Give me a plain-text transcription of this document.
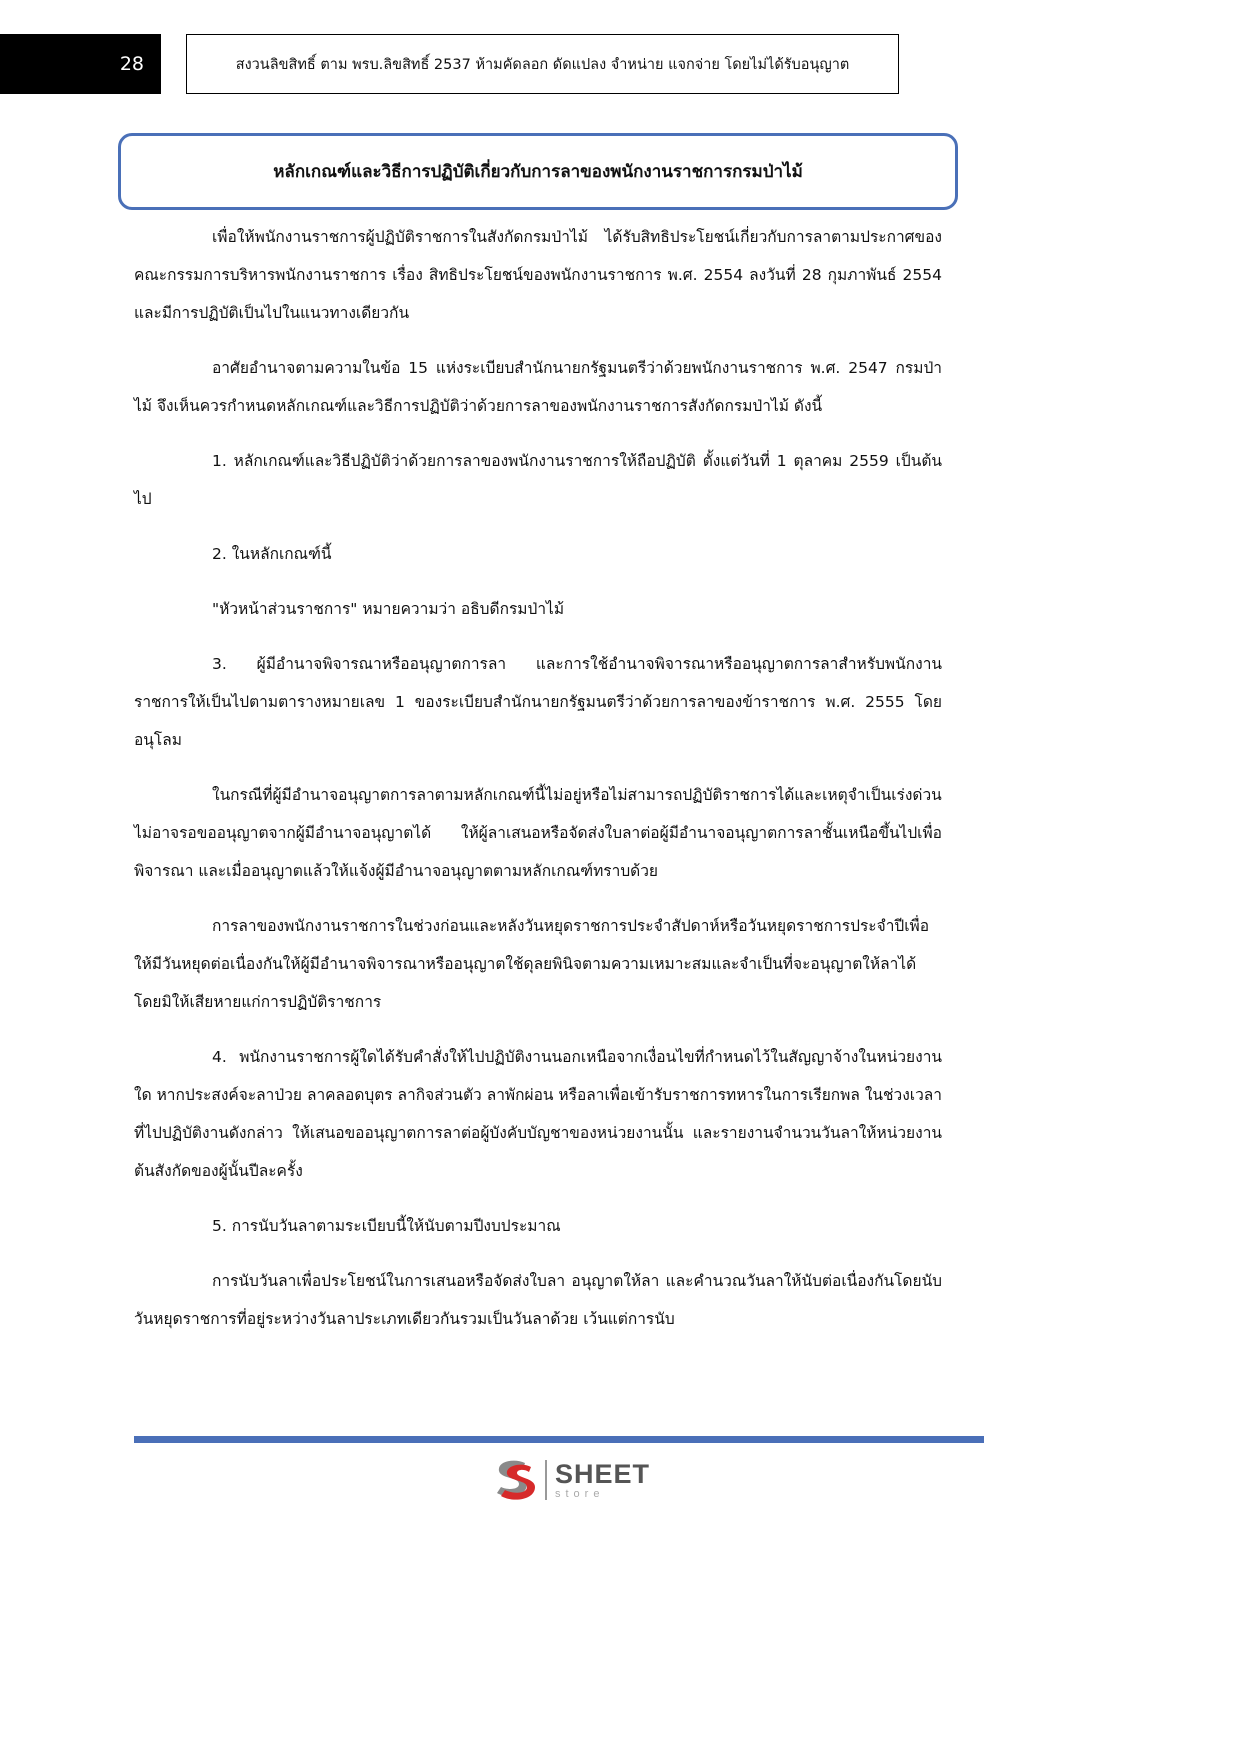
28	สงวนลิขสิทธิ์ ตาม พรบ.ลิขสิทธิ์ 2537 ห้ามคัดลอก ดัดแปลง จำหน่าย แจกจ่าย โดยไม่ได้รับอนุญาต
หลักเกณฑ์และวิธีการปฏิบัติเกี่ยวกับการลาของพนักงานราชการกรมป่าไม้

เพื่อให้พนักงานราชการผู้ปฏิบัติราชการในสังกัดกรมป่าไม้ ได้รับสิทธิประโยชน์เกี่ยวกับการลาตามประกาศของคณะกรรมการบริหารพนักงานราชการ เรื่อง สิทธิประโยชน์ของพนักงานราชการ พ.ศ. 2554 ลงวันที่ 28 กุมภาพันธ์ 2554 และมีการปฏิบัติเป็นไปในแนวทางเดียวกัน

อาศัยอำนาจตามความในข้อ 15 แห่งระเบียบสำนักนายกรัฐมนตรีว่าด้วยพนักงานราชการ พ.ศ. 2547 กรมป่าไม้ จึงเห็นควรกำหนดหลักเกณฑ์และวิธีการปฏิบัติว่าด้วยการลาของพนักงานราชการสังกัดกรมป่าไม้ ดังนี้

1. หลักเกณฑ์และวิธีปฏิบัติว่าด้วยการลาของพนักงานราชการให้ถือปฏิบัติ ตั้งแต่วันที่ 1 ตุลาคม 2559 เป็นต้นไป

2. ในหลักเกณฑ์นี้

"หัวหน้าส่วนราชการ" หมายความว่า อธิบดีกรมป่าไม้

3. ผู้มีอำนาจพิจารณาหรืออนุญาตการลา และการใช้อำนาจพิจารณาหรืออนุญาตการลาสำหรับพนักงานราชการให้เป็นไปตามตารางหมายเลข 1 ของระเบียบสำนักนายกรัฐมนตรีว่าด้วยการลาของข้าราชการ พ.ศ. 2555 โดยอนุโลม

ในกรณีที่ผู้มีอำนาจอนุญาตการลาตามหลักเกณฑ์นี้ไม่อยู่หรือไม่สามารถปฏิบัติราชการได้และเหตุจำเป็นเร่งด่วนไม่อาจรอขออนุญาตจากผู้มีอำนาจอนุญาตได้ ให้ผู้ลาเสนอหรือจัดส่งใบลาต่อผู้มีอำนาจอนุญาตการลาชั้นเหนือขึ้นไปเพื่อพิจารณา และเมื่ออนุญาตแล้วให้แจ้งผู้มีอำนาจอนุญาตตามหลักเกณฑ์ทราบด้วย

การลาของพนักงานราชการในช่วงก่อนและหลังวันหยุดราชการประจำสัปดาห์หรือวันหยุดราชการประจำปีเพื่อให้มีวันหยุดต่อเนื่องกันให้ผู้มีอำนาจพิจารณาหรืออนุญาตใช้ดุลยพินิจตามความเหมาะสมและจำเป็นที่จะอนุญาตให้ลาได้ โดยมิให้เสียหายแก่การปฏิบัติราชการ

4. พนักงานราชการผู้ใดได้รับคำสั่งให้ไปปฏิบัติงานนอกเหนือจากเงื่อนไขที่กำหนดไว้ในสัญญาจ้างในหน่วยงานใด หากประสงค์จะลาป่วย ลาคลอดบุตร ลากิจส่วนตัว ลาพักผ่อน หรือลาเพื่อเข้ารับราชการทหารในการเรียกพล ในช่วงเวลาที่ไปปฏิบัติงานดังกล่าว ให้เสนอขออนุญาตการลาต่อผู้บังคับบัญชาของหน่วยงานนั้น และรายงานจำนวนวันลาให้หน่วยงานต้นสังกัดของผู้นั้นปีละครั้ง

5. การนับวันลาตามระเบียบนี้ให้นับตามปีงบประมาณ

การนับวันลาเพื่อประโยชน์ในการเสนอหรือจัดส่งใบลา อนุญาตให้ลา และคำนวณวันลาให้นับต่อเนื่องกันโดยนับวันหยุดราชการที่อยู่ระหว่างวันลาประเภทเดียวกันรวมเป็นวันลาด้วย เว้นแต่การนับ

SHEET
store
